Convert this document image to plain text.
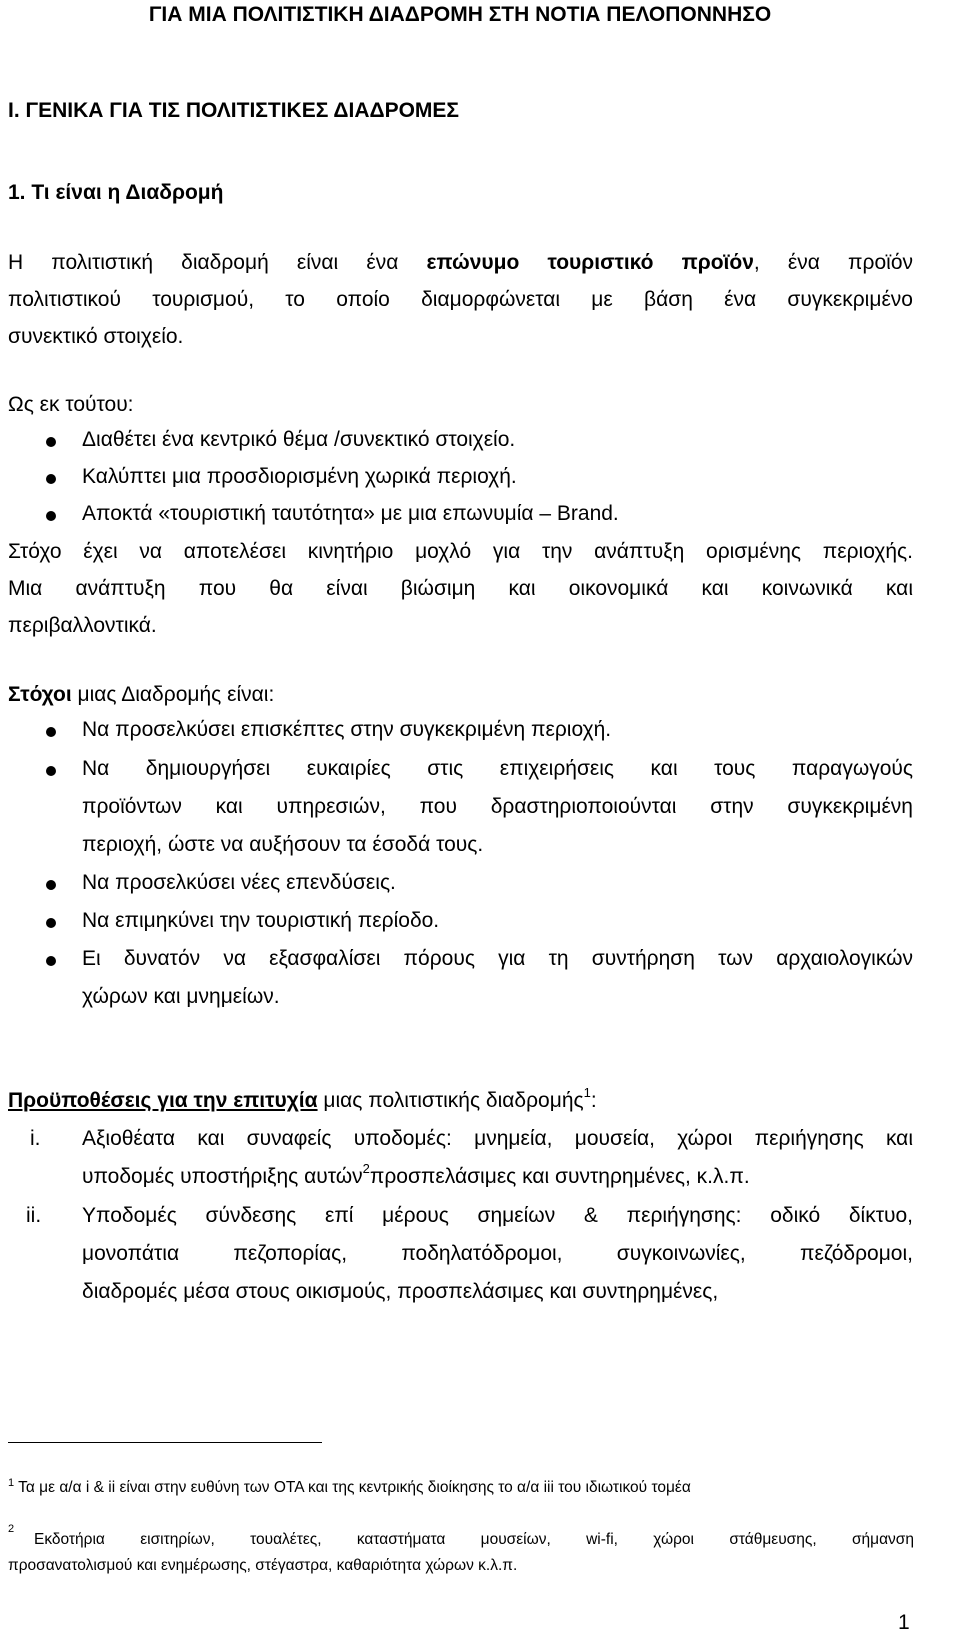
ΓΙΑ ΜΙΑ ΠΟΛΙΤΙΣΤΙΚΗ ΔΙΑΔΡΟΜΗ ΣΤΗ ΝΟΤΙΑ ΠΕΛΟΠΟΝΝΗΣΟ
Ι. ΓΕΝΙΚΑ ΓΙΑ ΤΙΣ ΠΟΛΙΤΙΣΤΙΚΕΣ ΔΙΑΔΡΟΜΕΣ
1. Τι είναι η Διαδρομή
Η πολιτιστική διαδρομή είναι ένα επώνυμο τουριστικό προϊόν, ένα προϊόν
πολιτιστικού τουρισμού, το οποίο διαμορφώνεται με βάση ένα συγκεκριμένο
συνεκτικό στοιχείο.
Ως εκ τούτου:
Διαθέτει ένα κεντρικό θέμα /συνεκτικό στοιχείο.
Καλύπτει μια προσδιορισμένη χωρικά περιοχή.
Αποκτά «τουριστική ταυτότητα» με μια επωνυμία – Brand.
Στόχο έχει να αποτελέσει κινητήριο μοχλό για την ανάπτυξη ορισμένης περιοχής.
Μια ανάπτυξη που θα είναι βιώσιμη και οικονομικά και κοινωνικά και
περιβαλλοντικά.
Στόχοι μιας Διαδρομής είναι:
Να προσελκύσει επισκέπτες στην συγκεκριμένη περιοχή.
Να δημιουργήσει ευκαιρίες στις επιχειρήσεις και τους παραγωγούς
προϊόντων και υπηρεσιών, που δραστηριοποιούνται στην συγκεκριμένη
περιοχή, ώστε να αυξήσουν τα έσοδά τους.
Να προσελκύσει νέες επενδύσεις.
Να επιμηκύνει την τουριστική περίοδο.
Ει δυνατόν να εξασφαλίσει πόρους για τη συντήρηση των αρχαιολογικών
χώρων και μνημείων.
Προϋποθέσεις για την επιτυχία μιας πολιτιστικής διαδρομής$^1$:
i. Αξιοθέατα και συναφείς υποδομές: μνημεία, μουσεία, χώροι περιήγησης και
υποδομές υποστήριξης αυτών$^2$προσπελάσιμες και συντηρημένες, κ.λ.π.
ii. Υποδομές σύνδεσης επί μέρους σημείων & περιήγησης: οδικό δίκτυο,
μονοπάτια πεζοπορίας, ποδηλατόδρομοι, συγκοινωνίες, πεζόδρομοι,
διαδρομές μέσα στους οικισμούς, προσπελάσιμες και συντηρημένες,
$^1$ Τα με α/α i & ii είναι στην ευθύνη των ΟΤΑ και της κεντρικής διοίκησης το α/α iii του ιδιωτικού τομέα
2
Εκδοτήρια εισιτηρίων, τουαλέτες, καταστήματα μουσείων, wi-fi, χώροι στάθμευσης, σήμανση
προσανατολισμού και ενημέρωσης, στέγαστρα, καθαριότητα χώρων κ.λ.π.
1
